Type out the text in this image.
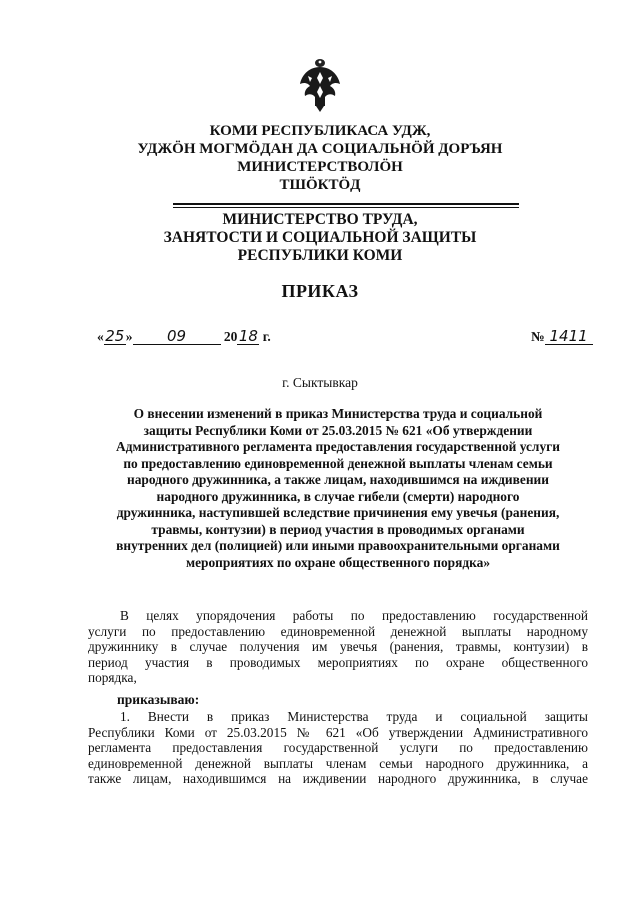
КОМИ РЕСПУБЛИКАСА УДЖ,
УДЖӦН МОГМӦДАН ДА СОЦИАЛЬНӦЙ ДОРЪЯН
МИНИСТЕРСТВОЛӦН
ТШӦКТӦД
МИНИСТЕРСТВО ТРУДА,
ЗАНЯТОСТИ И СОЦИАЛЬНОЙ ЗАЩИТЫ
РЕСПУБЛИКИ КОМИ
ПРИКАЗ
«25» 09	2018 г.	№ 1411
г. Сыктывкар
О внесении изменений в приказ Министерства труда и социальной
защиты Республики Коми от 25.03.2015 № 621 «Об утверждении
Административного регламента предоставления государственной услуги
по предоставлению единовременной денежной выплаты членам семьи
народного дружинника, а также лицам, находившимся на иждивении
народного дружинника, в случае гибели (смерти) народного
дружинника, наступившей вследствие причинения ему увечья (ранения,
травмы, контузии) в период участия в проводимых органами
внутренних дел (полицией) или иными правоохранительными органами
мероприятиях по охране общественного порядка»
В целях упорядочения работы по предоставлению государственной
услуги по предоставлению единовременной денежной выплаты народному
дружиннику в случае получения им увечья (ранения, травмы, контузии) в
период участия в проводимых мероприятиях по охране общественного
порядка,
приказываю:
1. Внести в приказ Министерства труда и социальной защиты
Республики Коми от 25.03.2015 № 621 «Об утверждении Административного
регламента предоставления государственной услуги по предоставлению
единовременной денежной выплаты членам семьи народного дружинника, а
также лицам, находившимся на иждивении народного дружинника, в случае
